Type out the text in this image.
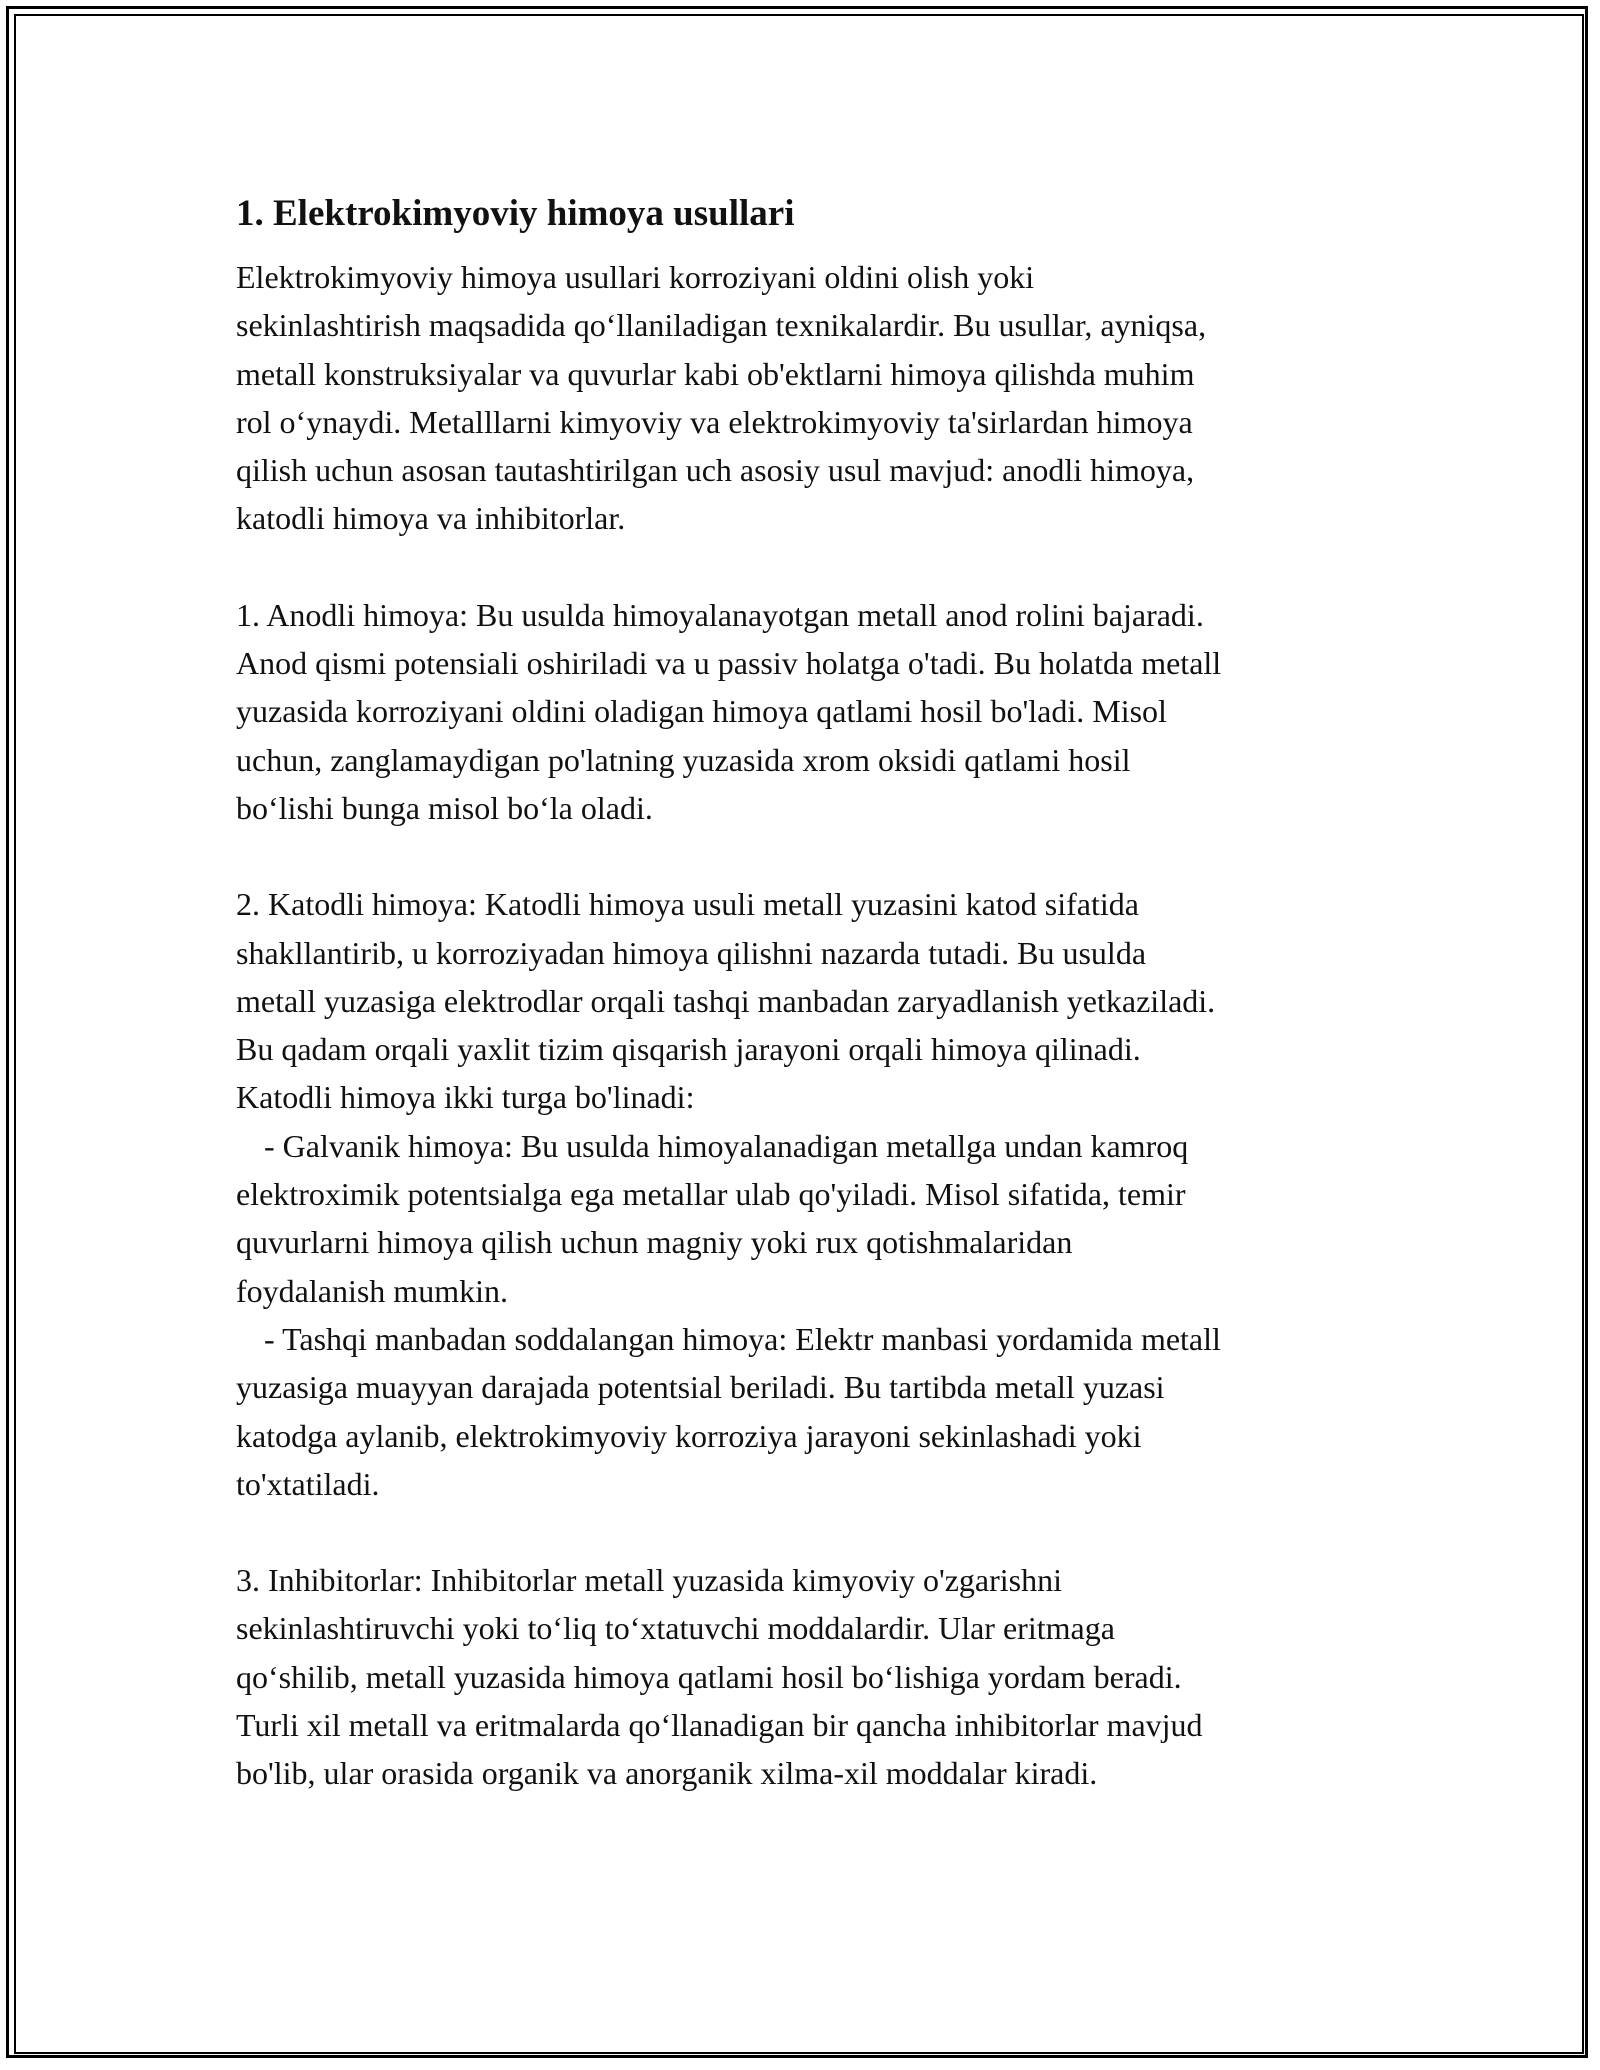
1. Elektrokimyoviy himoya usullari
Elektrokimyoviy himoya usullari korroziyani oldini olish yoki
sekinlashtirish maqsadida qo‘llaniladigan texnikalardir. Bu usullar, ayniqsa,
metall konstruksiyalar va quvurlar kabi ob'ektlarni himoya qilishda muhim
rol o‘ynaydi. Metalllarni kimyoviy va elektrokimyoviy ta'sirlardan himoya
qilish uchun asosan tautashtirilgan uch asosiy usul mavjud: anodli himoya,
katodli himoya va inhibitorlar.
1. Anodli himoya: Bu usulda himoyalanayotgan metall anod rolini bajaradi.
Anod qismi potensiali oshiriladi va u passiv holatga o'tadi. Bu holatda metall
yuzasida korroziyani oldini oladigan himoya qatlami hosil bo'ladi. Misol
uchun, zanglamaydigan po'latning yuzasida xrom oksidi qatlami hosil
bo‘lishi bunga misol bo‘la oladi.
2. Katodli himoya: Katodli himoya usuli metall yuzasini katod sifatida
shakllantirib, u korroziyadan himoya qilishni nazarda tutadi. Bu usulda
metall yuzasiga elektrodlar orqali tashqi manbadan zaryadlanish yetkaziladi.
Bu qadam orqali yaxlit tizim qisqarish jarayoni orqali himoya qilinadi.
Katodli himoya ikki turga bo'linadi:
- Galvanik himoya: Bu usulda himoyalanadigan metallga undan kamroq
elektroximik potentsialga ega metallar ulab qo'yiladi. Misol sifatida, temir
quvurlarni himoya qilish uchun magniy yoki rux qotishmalaridan
foydalanish mumkin.
- Tashqi manbadan soddalangan himoya: Elektr manbasi yordamida metall
yuzasiga muayyan darajada potentsial beriladi. Bu tartibda metall yuzasi
katodga aylanib, elektrokimyoviy korroziya jarayoni sekinlashadi yoki
to'xtatiladi.
3. Inhibitorlar: Inhibitorlar metall yuzasida kimyoviy o'zgarishni
sekinlashtiruvchi yoki to‘liq to‘xtatuvchi moddalardir. Ular eritmaga
qo‘shilib, metall yuzasida himoya qatlami hosil bo‘lishiga yordam beradi.
Turli xil metall va eritmalarda qo‘llanadigan bir qancha inhibitorlar mavjud
bo'lib, ular orasida organik va anorganik xilma-xil moddalar kiradi.
